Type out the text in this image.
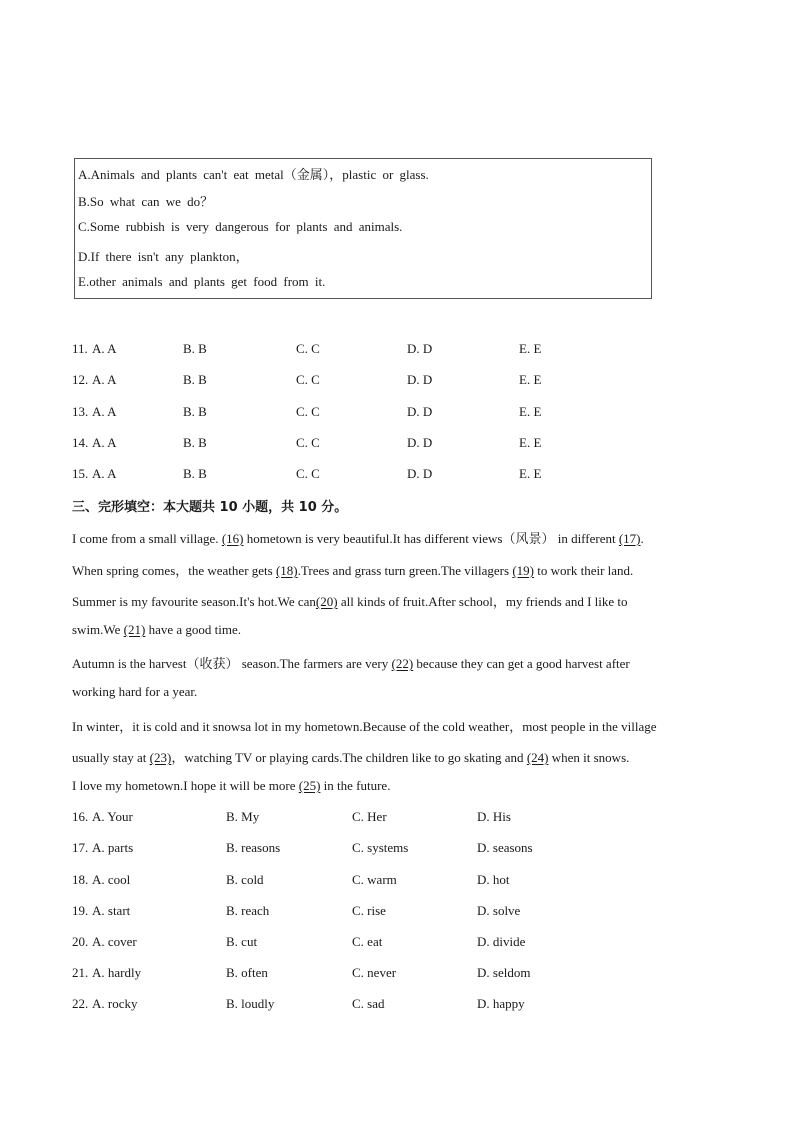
A.Animals and plants can't eat metal（金属），plastic or glass.
B.So what can we do？
C.Some rubbish is very dangerous for plants and animals.
D.If there isn't any plankton，
E.other animals and plants get food from it.
11. A. A	B. B	C. C	D. D	E. E
12. A. A	B. B	C. C	D. D	E. E
13. A. A	B. B	C. C	D. D	E. E
14. A. A	B. B	C. C	D. D	E. E
15. A. A	B. B	C. C	D. D	E. E
三、完形填空：本大题共 10 小题，共 10 分。
I come from a small village. (16) hometown is very beautiful.It has different views（风景） in different (17).
When spring comes，the weather gets (18).Trees and grass turn green.The villagers (19) to work their land.
Summer is my favourite season.It's hot.We can(20) all kinds of fruit.After school，my friends and I like to
swim.We (21) have a good time.
Autumn is the harvest（收获） season.The farmers are very (22) because they can get a good harvest after
working hard for a year.
In winter，it is cold and it snowsa lot in my hometown.Because of the cold weather，most people in the village
usually stay at (23)，watching TV or playing cards.The children like to go skating and (24) when it snows.
I love my hometown.I hope it will be more (25) in the future.
16. A. Your	B. My	C. Her	D. His
17. A. parts	B. reasons	C. systems	D. seasons
18. A. cool	B. cold	C. warm	D. hot
19. A. start	B. reach	C. rise	D. solve
20. A. cover	B. cut	C. eat	D. divide
21. A. hardly	B. often	C. never	D. seldom
22. A. rocky	B. loudly	C. sad	D. happy
